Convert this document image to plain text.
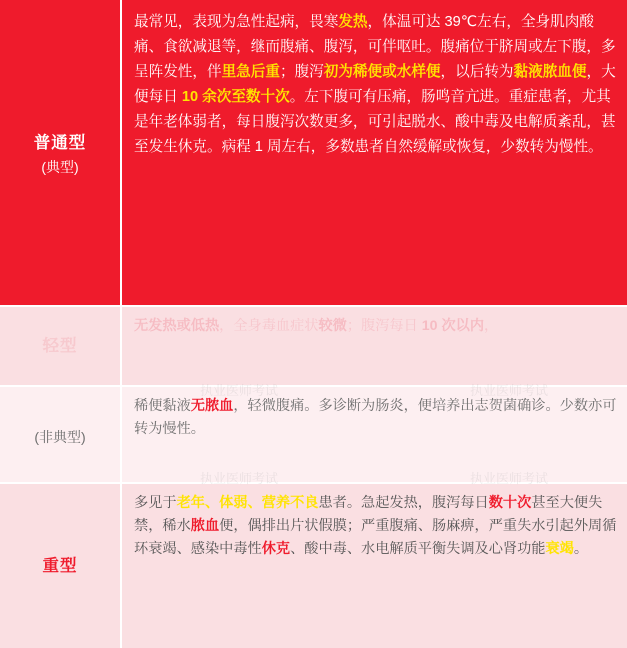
普通型
(典型)
最常见，表现为急性起病，畏寒发热，体温可达 39℃左右，全身肌肉酸痛、食欲减退等，继而腹痛、腹泻，可伴呕吐。腹痛位于脐周或左下腹，多呈阵发性，伴里急后重；腹泻初为稀便或水样便，以后转为黏液脓血便，大便每日 10 余次至数十次。左下腹可有压痛，肠鸣音亢进。重症患者，尤其是年老体弱者，每日腹泻次数更多，可引起脱水、酸中毒及电解质紊乱，甚至发生休克。病程 1 周左右，多数患者自然缓解或恢复，少数转为慢性。
轻型
无发热或低热，全身毒血症状较微；腹泻每日 10 次以内，
(非典型)
稀便黏液无脓血，轻微腹痛。多诊断为肠炎，便培养出志贺菌确诊。少数亦可转为慢性。
重型
多见于老年、体弱、营养不良患者。急起发热，腹泻每日数十次甚至大便失禁，稀水脓血便，偶排出片状假膜；严重腹痛、肠麻痹，严重失水引起外周循环衰竭、感染中毒性休克、酸中毒、水电解质平衡失调及心肾功能衰竭。
执业医师考试	执业医师考试
执业医师考试	执业医师考试
